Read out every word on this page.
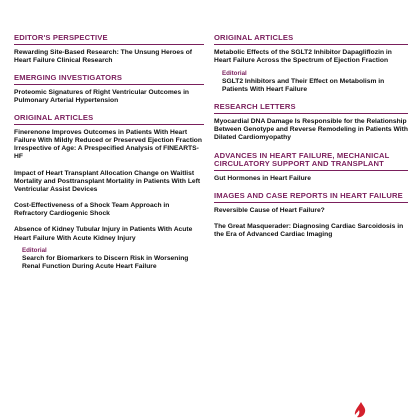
EDITOR'S PERSPECTIVE
Rewarding Site-Based Research: The Unsung Heroes of Heart Failure Clinical Research
EMERGING INVESTIGATORS
Proteomic Signatures of Right Ventricular Outcomes in Pulmonary Arterial Hypertension
ORIGINAL ARTICLES
Finerenone Improves Outcomes in Patients With Heart Failure With Mildly Reduced or Preserved Ejection Fraction Irrespective of Age: A Prespecified Analysis of FINEARTS-HF
Impact of Heart Transplant Allocation Change on Waitlist Mortality and Posttransplant Mortality in Patients With Left Ventricular Assist Devices
Cost-Effectiveness of a Shock Team Approach in Refractory Cardiogenic Shock
Absence of Kidney Tubular Injury in Patients With Acute Heart Failure With Acute Kidney Injury
Editorial
Search for Biomarkers to Discern Risk in Worsening Renal Function During Acute Heart Failure
ORIGINAL ARTICLES
Metabolic Effects of the SGLT2 Inhibitor Dapagliflozin in Heart Failure Across the Spectrum of Ejection Fraction
Editorial
SGLT2 Inhibitors and Their Effect on Metabolism in Patients With Heart Failure
RESEARCH LETTERS
Myocardial DNA Damage Is Responsible for the Relationship Between Genotype and Reverse Remodeling in Patients With Dilated Cardiomyopathy
ADVANCES IN HEART FAILURE, MECHANICAL CIRCULATORY SUPPORT AND TRANSPLANT
Gut Hormones in Heart Failure
IMAGES AND CASE REPORTS IN HEART FAILURE
Reversible Cause of Heart Failure?
The Great Masquerader: Diagnosing Cardiac Sarcoidosis in the Era of Advanced Cardiac Imaging
